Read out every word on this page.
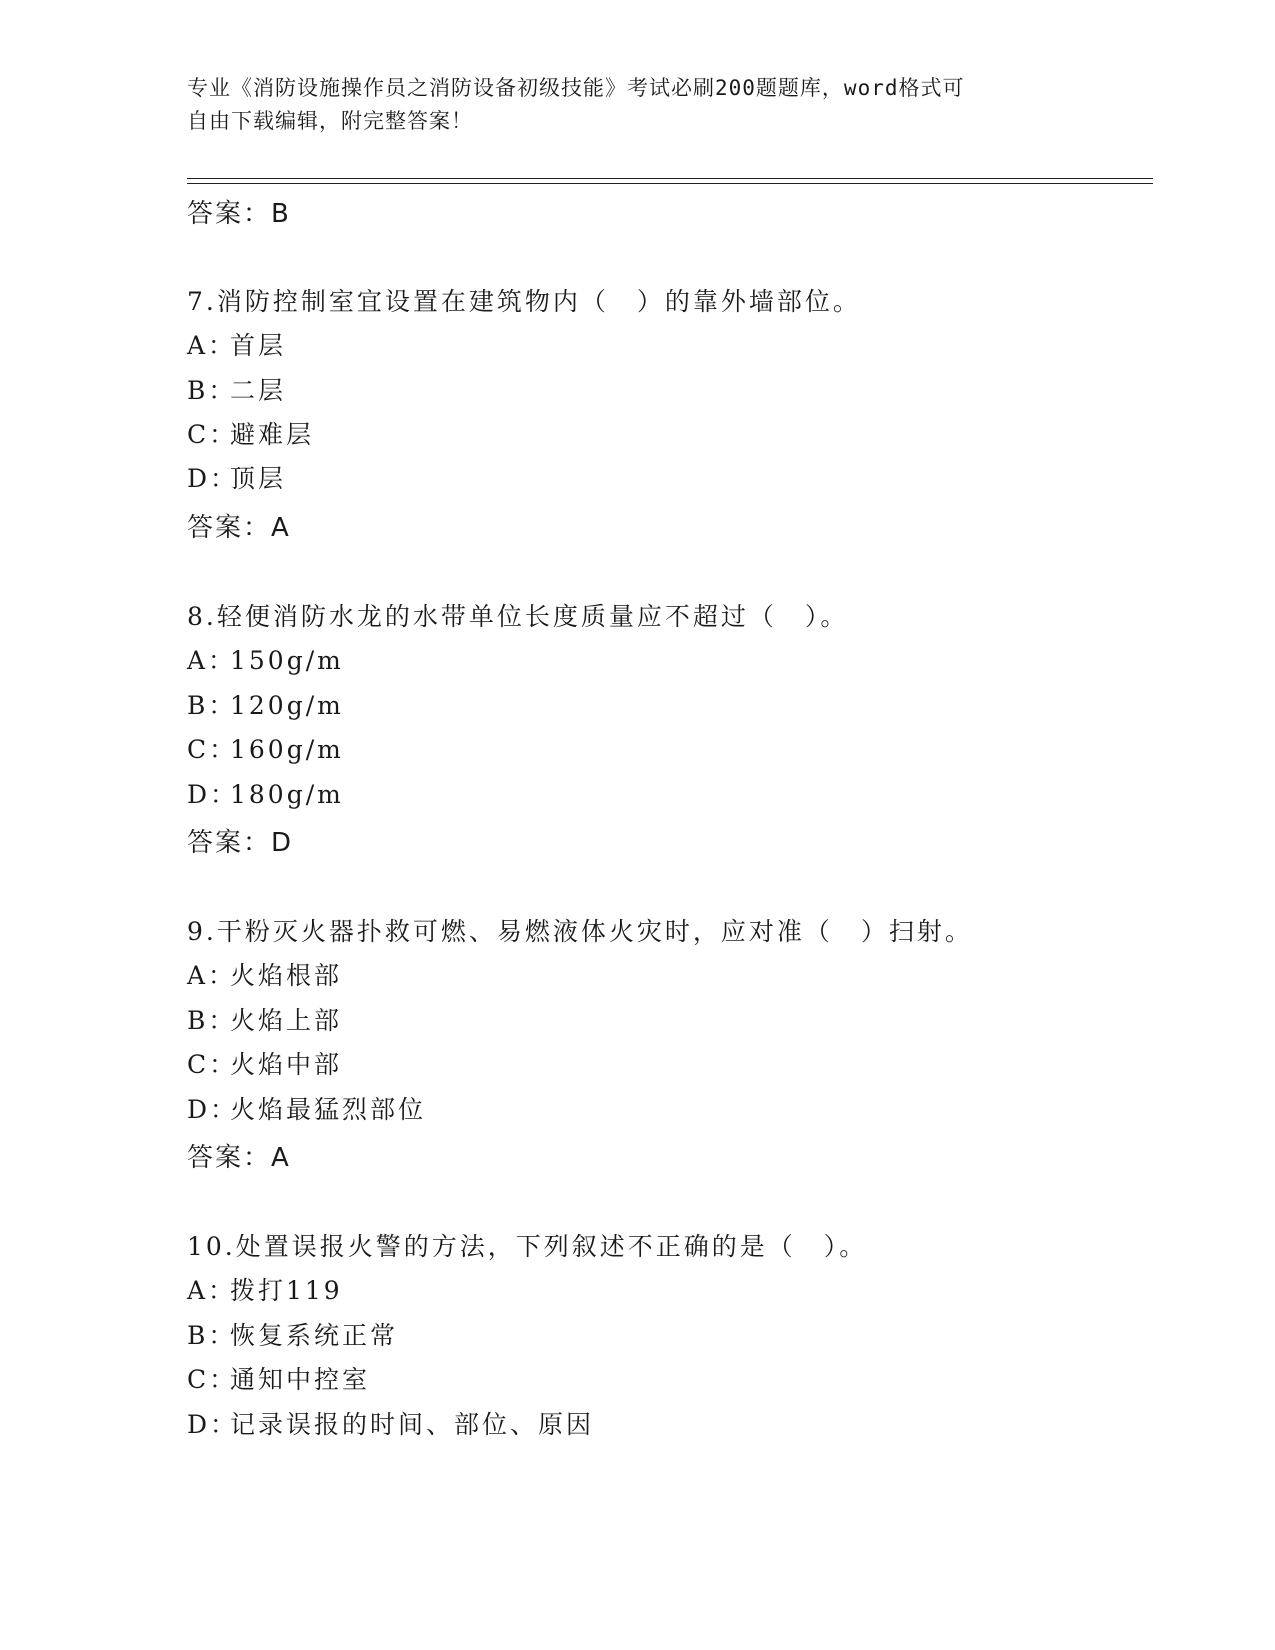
专业《消防设施操作员之消防设备初级技能》考试必刷200题题库，word格式可
自由下载编辑，附完整答案！
答案：B
7.消防控制室宜设置在建筑物内（　）的靠外墙部位。
A：首层
B：二层
C：避难层
D：顶层
答案：A
8.轻便消防水龙的水带单位长度质量应不超过（　）。
A：150g/m
B：120g/m
C：160g/m
D：180g/m
答案：D
9.干粉灭火器扑救可燃、易燃液体火灾时，应对准（　）扫射。
A：火焰根部
B：火焰上部
C：火焰中部
D：火焰最猛烈部位
答案：A
10.处置误报火警的方法，下列叙述不正确的是（　）。
A：拨打119
B：恢复系统正常
C：通知中控室
D：记录误报的时间、部位、原因
